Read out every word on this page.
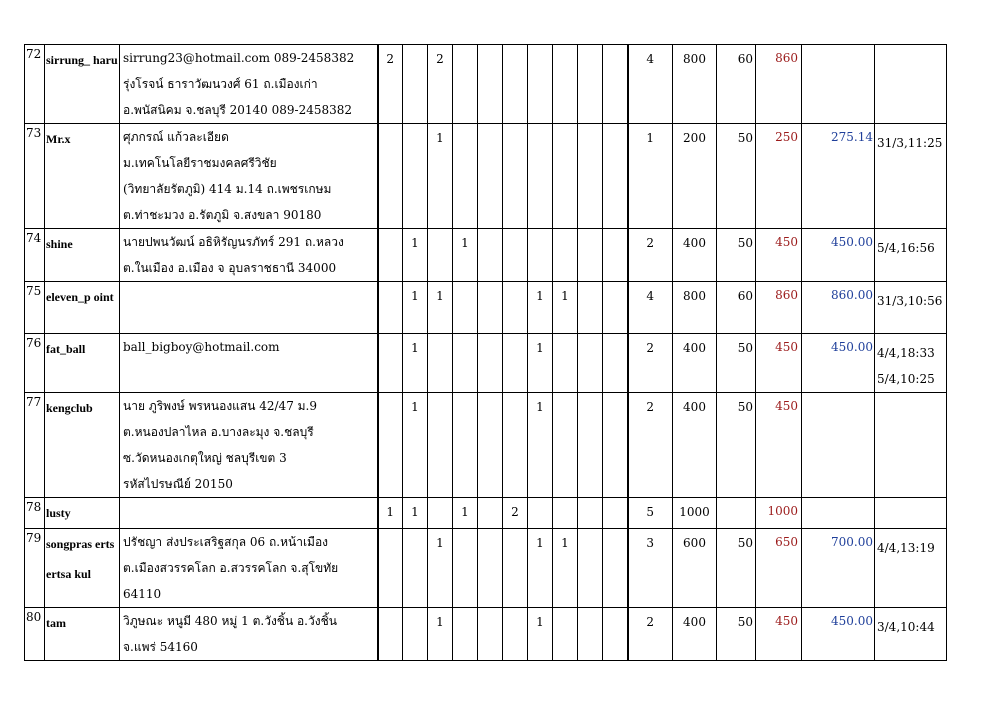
72	sirrung_ haru	sirrung23@hotmail.com 089-2458382
รุ่งโรจน์ ธาราวัฒนวงศ์ 61 ถ.เมืองเก่า
อ.พนัสนิคม จ.ชลบุรี 20140 089-2458382	2		2								4	800	60	860		
73	Mr.x	ศุภกรณ์ แก้วละเอียด
ม.เทคโนโลยีราชมงคลศรีวิชัย
(วิทยาลัยรัตภูมิ) 414 ม.14 ถ.เพชรเกษม
ต.ท่าชะมวง อ.รัตภูมิ จ.สงขลา 90180			1								1	200	50	250	275.14	31/3,11:25

74	shine	นายปพนวัฒน์ อธิหิรัญนรภัทร์ 291 ถ.หลวง
ต.ในเมือง อ.เมือง จ อุบลราชธานี 34000		1		1							2	400	50	450	450.00	5/4,16:56

75	eleven_p oint			1	1				1	1			4	800	60	860	860.00	31/3,10:56

76	fat_ball	ball_bigboy@hotmail.com		1					1				2	400	50	450	450.00	4/4,18:33
5/4,10:25

77	kengclub	นาย ภูริพงษ์ พรหนองแสน 42/47 ม.9
ต.หนองปลาไหล อ.บางละมุง จ.ชลบุรี
ซ.วัดหนองเกตุใหญ่ ชลบุรีเขต 3
รหัสไปรษณีย์ 20150		1					1				2	400	50	450		
78	lusty		1	1		1		2					5	1000		1000		
79	songpras ertsertsa kul	ปรัชญา ส่งประเสริฐสกุล 06 ถ.หน้าเมือง
ต.เมืองสวรรคโลก อ.สวรรคโลก จ.สุโขทัย
64110			1				1	1			3	600	50	650	700.00	4/4,13:19

80	tam	วิภูษณะ หนูมี 480 หมู่ 1 ต.วังชิ้น อ.วังชิ้น
จ.แพร่ 54160			1				1				2	400	50	450	450.00	3/4,10:44
